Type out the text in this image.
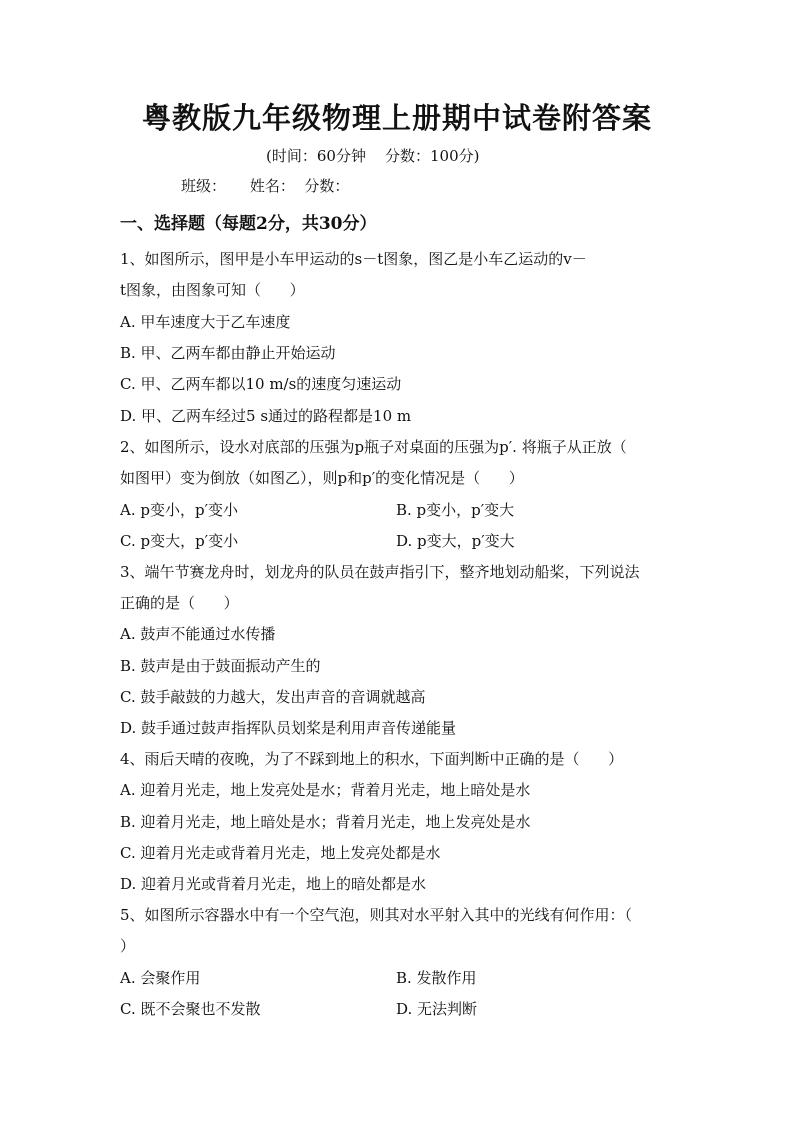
粤教版九年级物理上册期中试卷附答案
(时间：60分钟    分数：100分)
班级：     姓名：  分数：
一、选择题（每题2分，共30分）
1、如图所示，图甲是小车甲运动的s－t图象，图乙是小车乙运动的v－
t图象，由图象可知（      ）
A. 甲车速度大于乙车速度
B. 甲、乙两车都由静止开始运动
C. 甲、乙两车都以10 m/s的速度匀速运动
D. 甲、乙两车经过5 s通过的路程都是10 m
2、如图所示，设水对底部的压强为p瓶子对桌面的压强为p′. 将瓶子从正放（
如图甲）变为倒放（如图乙），则p和p′的变化情况是（      ）
A. p变小，p′变小	B. p变小，p′变大
C. p变大，p′变小	D. p变大，p′变大
3、端午节赛龙舟时，划龙舟的队员在鼓声指引下，整齐地划动船桨，下列说法
正确的是（      ）
A. 鼓声不能通过水传播
B. 鼓声是由于鼓面振动产生的
C. 鼓手敲鼓的力越大，发出声音的音调就越高
D. 鼓手通过鼓声指挥队员划桨是利用声音传递能量
4、雨后天晴的夜晚，为了不踩到地上的积水，下面判断中正确的是（      ）
A. 迎着月光走，地上发亮处是水；背着月光走，地上暗处是水
B. 迎着月光走，地上暗处是水；背着月光走，地上发亮处是水
C. 迎着月光走或背着月光走，地上发亮处都是水
D. 迎着月光或背着月光走，地上的暗处都是水
5、如图所示容器水中有一个空气泡，则其对水平射入其中的光线有何作用：（
）
A. 会聚作用	B. 发散作用
C. 既不会聚也不发散	D. 无法判断
